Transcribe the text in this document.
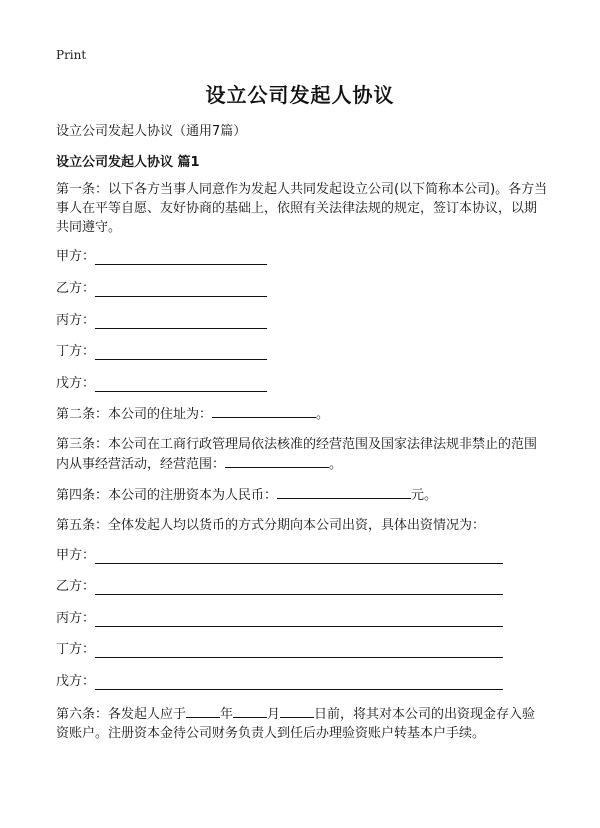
Print
设立公司发起人协议
设立公司发起人协议（通用7篇）
设立公司发起人协议 篇1
第一条：以下各方当事人同意作为发起人共同发起设立公司(以下简称本公司)。各方当事人在平等自愿、友好协商的基础上，依照有关法律法规的规定，签订本协议，以期共同遵守。
甲方：
乙方：
丙方：
丁方：
戊方：
第二条：本公司的住址为：	。
第三条：本公司在工商行政管理局依法核准的经营范围及国家法律法规非禁止的范围内从事经营活动，经营范围：	。
第四条：本公司的注册资本为人民币：	元。
第五条：全体发起人均以货币的方式分期向本公司出资，具体出资情况为：
甲方：
乙方：
丙方：
丁方：
戊方：
第六条：各发起人应于	年	月	日前，将其对本公司的出资现金存入验资账户。注册资本金待公司财务负责人到任后办理验资账户转基本户手续。
